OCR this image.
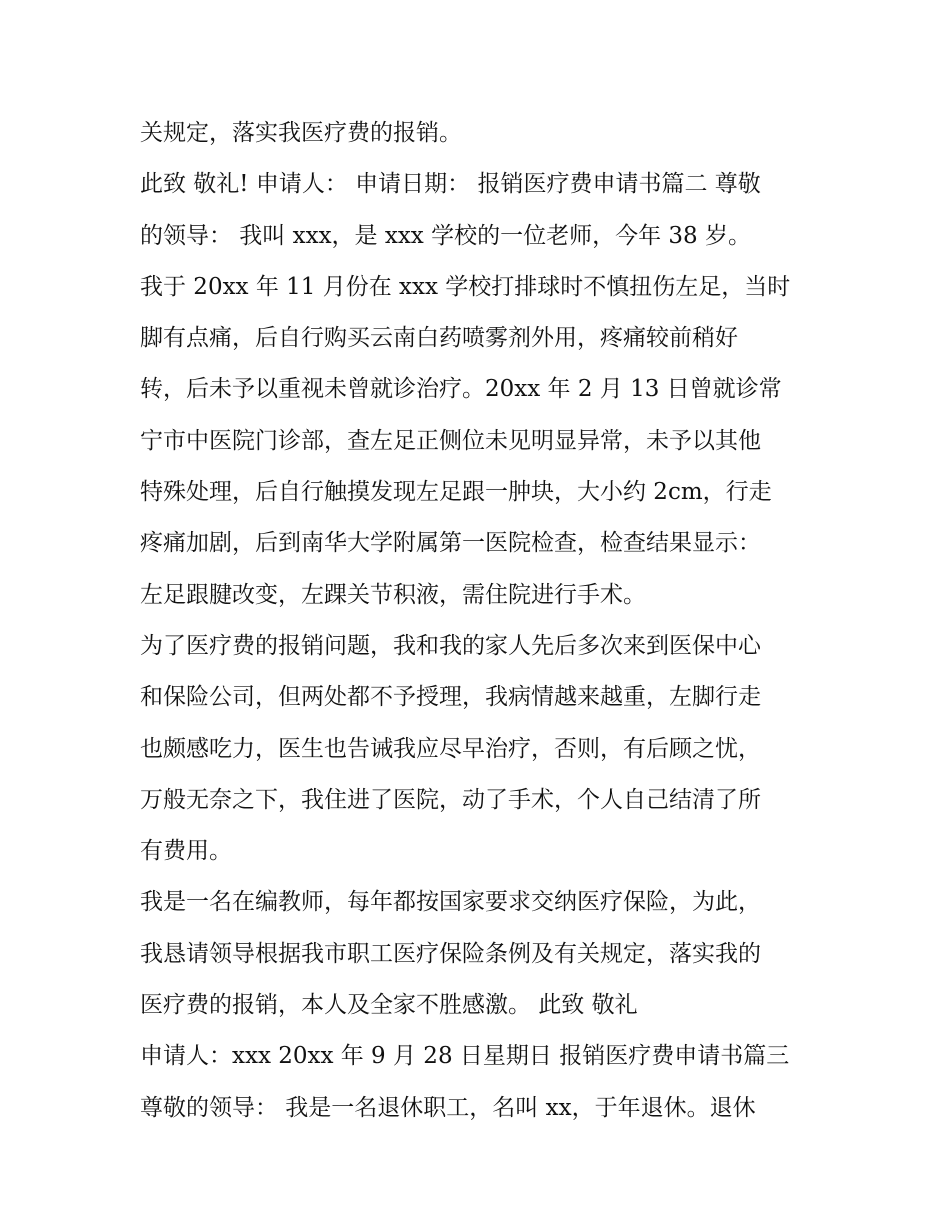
关规定，落实我医疗费的报销。
此致 敬礼! 申请人： 申请日期： 报销医疗费申请书篇二 尊敬
的领导： 我叫 xxx，是 xxx 学校的一位老师，今年 38 岁。
我于 20xx 年 11 月份在 xxx 学校打排球时不慎扭伤左足，当时
脚有点痛，后自行购买云南白药喷雾剂外用，疼痛较前稍好
转，后未予以重视未曾就诊治疗。20xx 年 2 月 13 日曾就诊常
宁市中医院门诊部，查左足正侧位未见明显异常，未予以其他
特殊处理，后自行触摸发现左足跟一肿块，大小约 2cm，行走
疼痛加剧，后到南华大学附属第一医院检查，检查结果显示：
左足跟腱改变，左踝关节积液，需住院进行手术。
为了医疗费的报销问题，我和我的家人先后多次来到医保中心
和保险公司，但两处都不予授理，我病情越来越重，左脚行走
也颇感吃力，医生也告诫我应尽早治疗，否则，有后顾之忧，
万般无奈之下，我住进了医院，动了手术，个人自己结清了所
有费用。
我是一名在编教师，每年都按国家要求交纳医疗保险，为此，
我恳请领导根据我市职工医疗保险条例及有关规定，落实我的
医疗费的报销，本人及全家不胜感激。 此致 敬礼
申请人：xxx 20xx 年 9 月 28 日星期日 报销医疗费申请书篇三
尊敬的领导： 我是一名退休职工，名叫 xx，于年退休。退休
